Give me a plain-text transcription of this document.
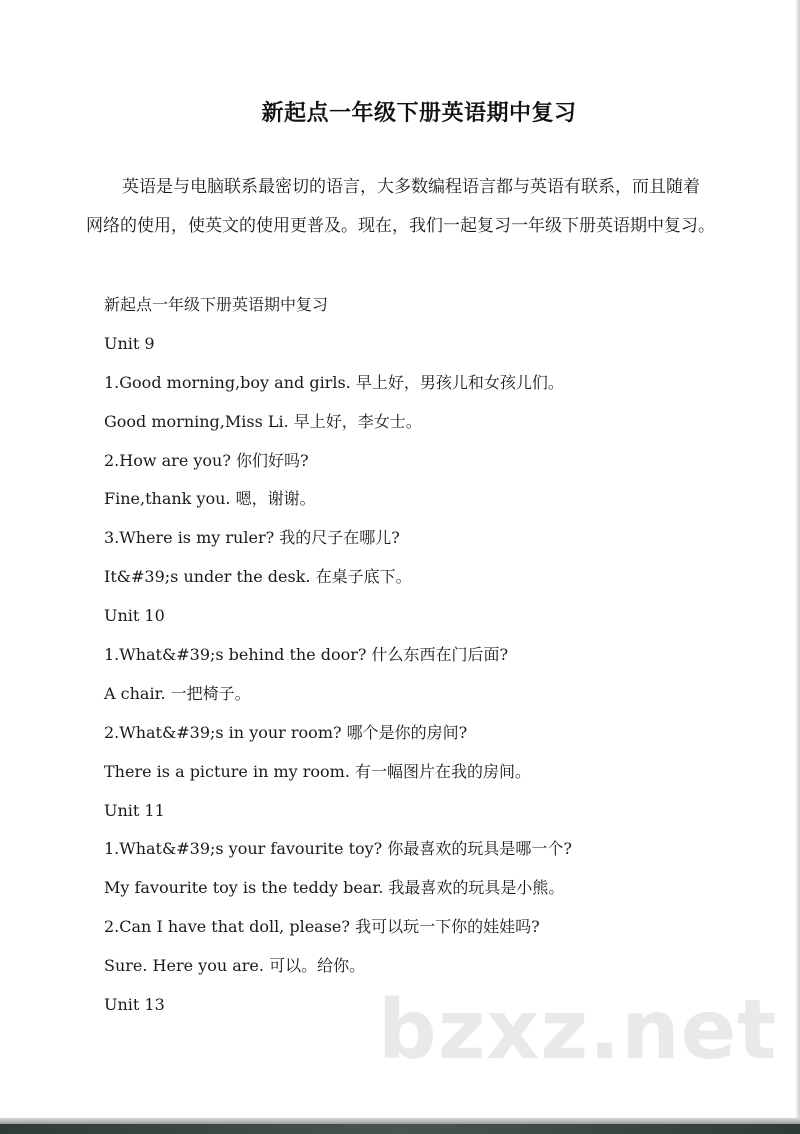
新起点一年级下册英语期中复习

英语是与电脑联系最密切的语言，大多数编程语言都与英语有联系，而且随着网络的使用，使英文的使用更普及。现在，我们一起复习一年级下册英语期中复习。

新起点一年级下册英语期中复习
Unit 9
1.Good morning,boy and girls. 早上好，男孩儿和女孩儿们。
Good morning,Miss Li. 早上好，李女士。
2.How are you? 你们好吗?
Fine,thank you. 嗯，谢谢。
3.Where is my ruler? 我的尺子在哪儿?
It&#39;s under the desk. 在桌子底下。
Unit 10
1.What&#39;s behind the door? 什么东西在门后面?
A chair. 一把椅子。
2.What&#39;s in your room? 哪个是你的房间?
There is a picture in my room. 有一幅图片在我的房间。
Unit 11
1.What&#39;s your favourite toy? 你最喜欢的玩具是哪一个?
My favourite toy is the teddy bear. 我最喜欢的玩具是小熊。
2.Can I have that doll, please? 我可以玩一下你的娃娃吗?
Sure. Here you are. 可以。给你。
Unit 13	bzxz.net
